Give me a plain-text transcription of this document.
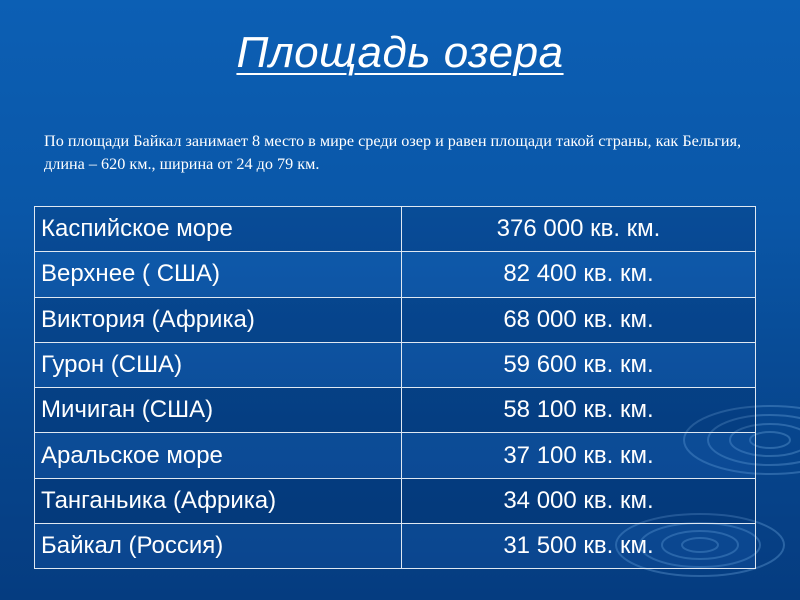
Площадь озера
По площади Байкал занимает 8 место в мире среди озер и равен площади такой страны, как Бельгия, длина – 620 км., ширина от 24 до 79 км.
Каспийское море	376 000 кв. км.
Верхнее ( США)	82 400 кв. км.
Виктория (Африка)	68 000 кв. км.
Гурон (США)	59 600 кв. км.
Мичиган (США)	58 100 кв. км.
Аральское море	37 100 кв. км.
Танганьика (Африка)	34 000 кв. км.
Байкал (Россия)	31 500 кв. км.
